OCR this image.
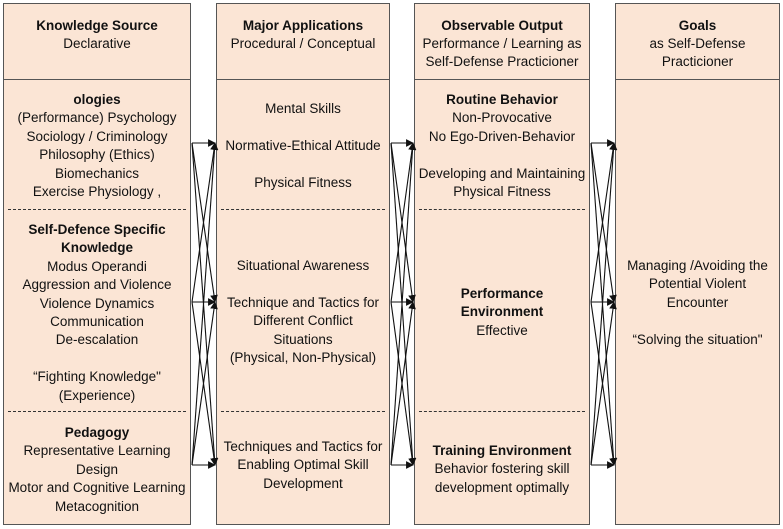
Knowledge Source
Declarative
Major Applications
Procedural / Conceptual
Observable Output
Performance / Learning as
Self-Defense Practicioner
Goals
as Self-Defense
Practicioner
ologies
(Performance) Psychology
Sociology / Criminology
Philosophy (Ethics)
Biomechanics
Exercise Physiology ,
Self-Defence Specific
Knowledge
Modus Operandi
Aggression and Violence
Violence Dynamics
Communication
De-escalation
“Fighting Knowledge"
(Experience)
Pedagogy
Representative Learning
Design
Motor and Cognitive Learning
Metacognition
Mental Skills
Normative-Ethical Attitude
Physical Fitness
Situational Awareness
Technique and Tactics for
Different Conflict
Situations
(Physical, Non-Physical)
Techniques and Tactics for
Enabling Optimal Skill
Development
Routine Behavior
Non-Provocative
No Ego-Driven-Behavior
Developing and Maintaining
Physical Fitness
Performance
Environment
Effective
Training Environment
Behavior fostering skill
development optimally
Managing /Avoiding the
Potential Violent
Encounter
“Solving the situation"
